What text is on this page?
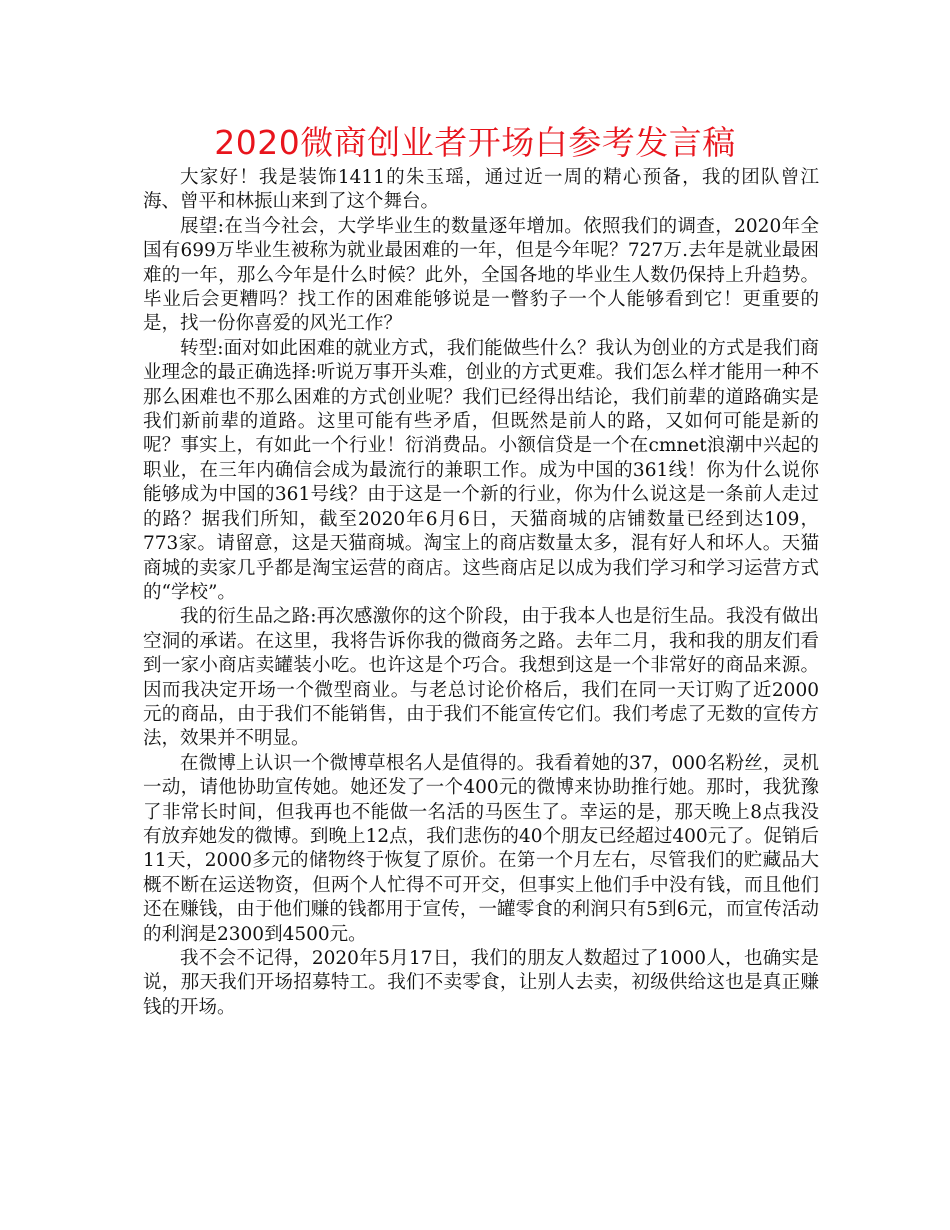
2020微商创业者开场白参考发言稿

大家好！我是装饰1411的朱玉瑶，通过近一周的精心预备，我的团队曾江海、曾平和林振山来到了这个舞台。

展望:在当今社会，大学毕业生的数量逐年增加。依照我们的调查，2020年全国有699万毕业生被称为就业最困难的一年，但是今年呢？727万.去年是就业最困难的一年，那么今年是什么时候？此外，全国各地的毕业生人数仍保持上升趋势。毕业后会更糟吗？找工作的困难能够说是一瞥豹子一个人能够看到它！更重要的是，找一份你喜爱的风光工作？

转型:面对如此困难的就业方式，我们能做些什么？我认为创业的方式是我们商业理念的最正确选择:听说万事开头难，创业的方式更难。我们怎么样才能用一种不那么困难也不那么困难的方式创业呢？我们已经得出结论，我们前辈的道路确实是我们新前辈的道路。这里可能有些矛盾，但既然是前人的路，又如何可能是新的呢？事实上，有如此一个行业！衍消费品。小额信贷是一个在cmnet浪潮中兴起的职业，在三年内确信会成为最流行的兼职工作。成为中国的361线！你为什么说你能够成为中国的361号线？由于这是一个新的行业，你为什么说这是一条前人走过的路？据我们所知，截至2020年6月6日，天猫商城的店铺数量已经到达109，773家。请留意，这是天猫商城。淘宝上的商店数量太多，混有好人和坏人。天猫商城的卖家几乎都是淘宝运营的商店。这些商店足以成为我们学习和学习运营方式的“学校”。

我的衍生品之路:再次感激你的这个阶段，由于我本人也是衍生品。我没有做出空洞的承诺。在这里，我将告诉你我的微商务之路。去年二月，我和我的朋友们看到一家小商店卖罐装小吃。也许这是个巧合。我想到这是一个非常好的商品来源。因而我决定开场一个微型商业。与老总讨论价格后，我们在同一天订购了近2000元的商品，由于我们不能销售，由于我们不能宣传它们。我们考虑了无数的宣传方法，效果并不明显。

在微博上认识一个微博草根名人是值得的。我看着她的37，000名粉丝，灵机一动，请他协助宣传她。她还发了一个400元的微博来协助推行她。那时，我犹豫了非常长时间，但我再也不能做一名活的马医生了。幸运的是，那天晚上8点我没有放弃她发的微博。到晚上12点，我们悲伤的40个朋友已经超过400元了。促销后11天，2000多元的储物终于恢复了原价。在第一个月左右，尽管我们的贮藏品大概不断在运送物资，但两个人忙得不可开交，但事实上他们手中没有钱，而且他们还在赚钱，由于他们赚的钱都用于宣传，一罐零食的利润只有5到6元，而宣传活动的利润是2300到4500元。

我不会不记得，2020年5月17日，我们的朋友人数超过了1000人，也确实是说，那天我们开场招募特工。我们不卖零食，让别人去卖，初级供给这也是真正赚钱的开场。
